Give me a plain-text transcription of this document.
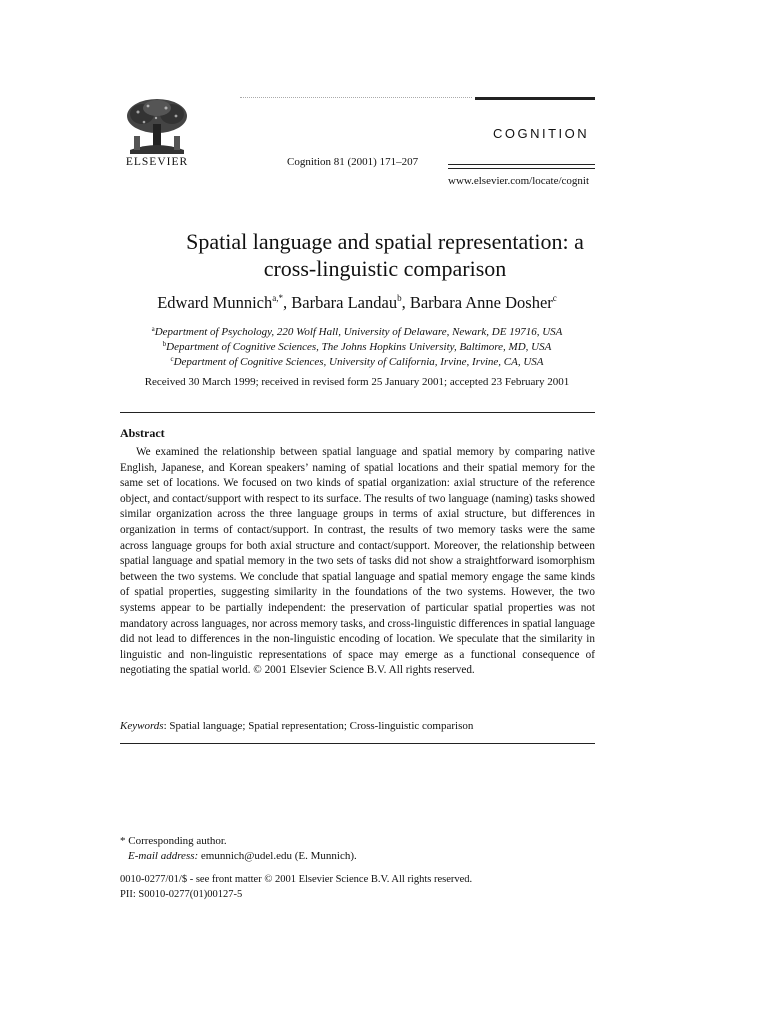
ELSEVIER
COGNITION
Cognition 81 (2001) 171–207
www.elsevier.com/locate/cognit
Spatial language and spatial representation: a
cross-linguistic comparison
Edward Munnich$^{a,*}$, Barbara Landau$^b$, Barbara Anne Dosher$^c$
$^a$Department of Psychology, 220 Wolf Hall, University of Delaware, Newark, DE 19716, USA
$^b$Department of Cognitive Sciences, The Johns Hopkins University, Baltimore, MD, USA
$^c$Department of Cognitive Sciences, University of California, Irvine, Irvine, CA, USA
Received 30 March 1999; received in revised form 25 January 2001; accepted 23 February 2001
Abstract
We examined the relationship between spatial language and spatial memory by comparing native English, Japanese, and Korean speakers’ naming of spatial locations and their spatial memory for the same set of locations. We focused on two kinds of spatial organization: axial structure of the reference object, and contact/support with respect to its surface. The results of two language (naming) tasks showed similar organization across the three language groups in terms of axial structure, but differences in organization in terms of contact/support. In contrast, the results of two memory tasks were the same across language groups for both axial structure and contact/support. Moreover, the relationship between spatial language and spatial memory in the two sets of tasks did not show a straightforward isomorphism between the two systems. We conclude that spatial language and spatial memory engage the same kinds of spatial properties, suggesting similarity in the foundations of the two systems. However, the two systems appear to be partially independent: the preservation of particular spatial properties was not mandatory across languages, nor across memory tasks, and cross-linguistic differences in spatial language did not lead to differences in the non-linguistic encoding of location. We speculate that the similarity in linguistic and non-linguistic representations of space may emerge as a functional consequence of negotiating the spatial world. © 2001 Elsevier Science B.V. All rights reserved.
Keywords: Spatial language; Spatial representation; Cross-linguistic comparison
* Corresponding author.
E-mail address: emunnich@udel.edu (E. Munnich).
0010-0277/01/$ - see front matter © 2001 Elsevier Science B.V. All rights reserved.
PII: S0010-0277(01)00127-5
